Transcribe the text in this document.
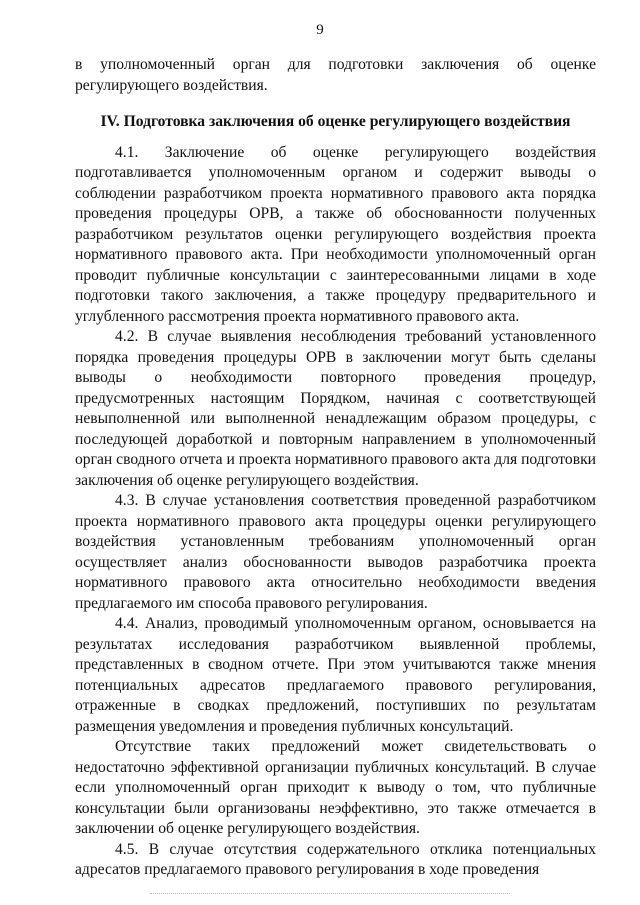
9

в уполномоченный орган для подготовки заключения об оценке регулирующего воздействия.

IV. Подготовка заключения об оценке регулирующего воздействия

4.1. Заключение об оценке регулирующего воздействия подготавливается уполномоченным органом и содержит выводы о соблюдении разработчиком проекта нормативного правового акта порядка проведения процедуры ОРВ, а также об обоснованности полученных разработчиком результатов оценки регулирующего воздействия проекта нормативного правового акта. При необходимости уполномоченный орган проводит публичные консультации с заинтересованными лицами в ходе подготовки такого заключения, а также процедуру предварительного и углубленного рассмотрения проекта нормативного правового акта.

4.2. В случае выявления несоблюдения требований установленного порядка проведения процедуры ОРВ в заключении могут быть сделаны выводы о необходимости повторного проведения процедур, предусмотренных настоящим Порядком, начиная с соответствующей невыполненной или выполненной ненадлежащим образом процедуры, с последующей доработкой и повторным направлением в уполномоченный орган сводного отчета и проекта нормативного правового акта для подготовки заключения об оценке регулирующего воздействия.

4.3. В случае установления соответствия проведенной разработчиком проекта нормативного правового акта процедуры оценки регулирующего воздействия установленным требованиям уполномоченный орган осуществляет анализ обоснованности выводов разработчика проекта нормативного правового акта относительно необходимости введения предлагаемого им способа правового регулирования.

4.4. Анализ, проводимый уполномоченным органом, основывается на результатах исследования разработчиком выявленной проблемы, представленных в сводном отчете. При этом учитываются также мнения потенциальных адресатов предлагаемого правового регулирования, отраженные в сводках предложений, поступивших по результатам размещения уведомления и проведения публичных консультаций.

Отсутствие таких предложений может свидетельствовать о недостаточно эффективной организации публичных консультаций. В случае если уполномоченный орган приходит к выводу о том, что публичные консультации были организованы неэффективно, это также отмечается в заключении об оценке регулирующего воздействия.

4.5. В случае отсутствия содержательного отклика потенциальных адресатов предлагаемого правового регулирования в ходе проведения
